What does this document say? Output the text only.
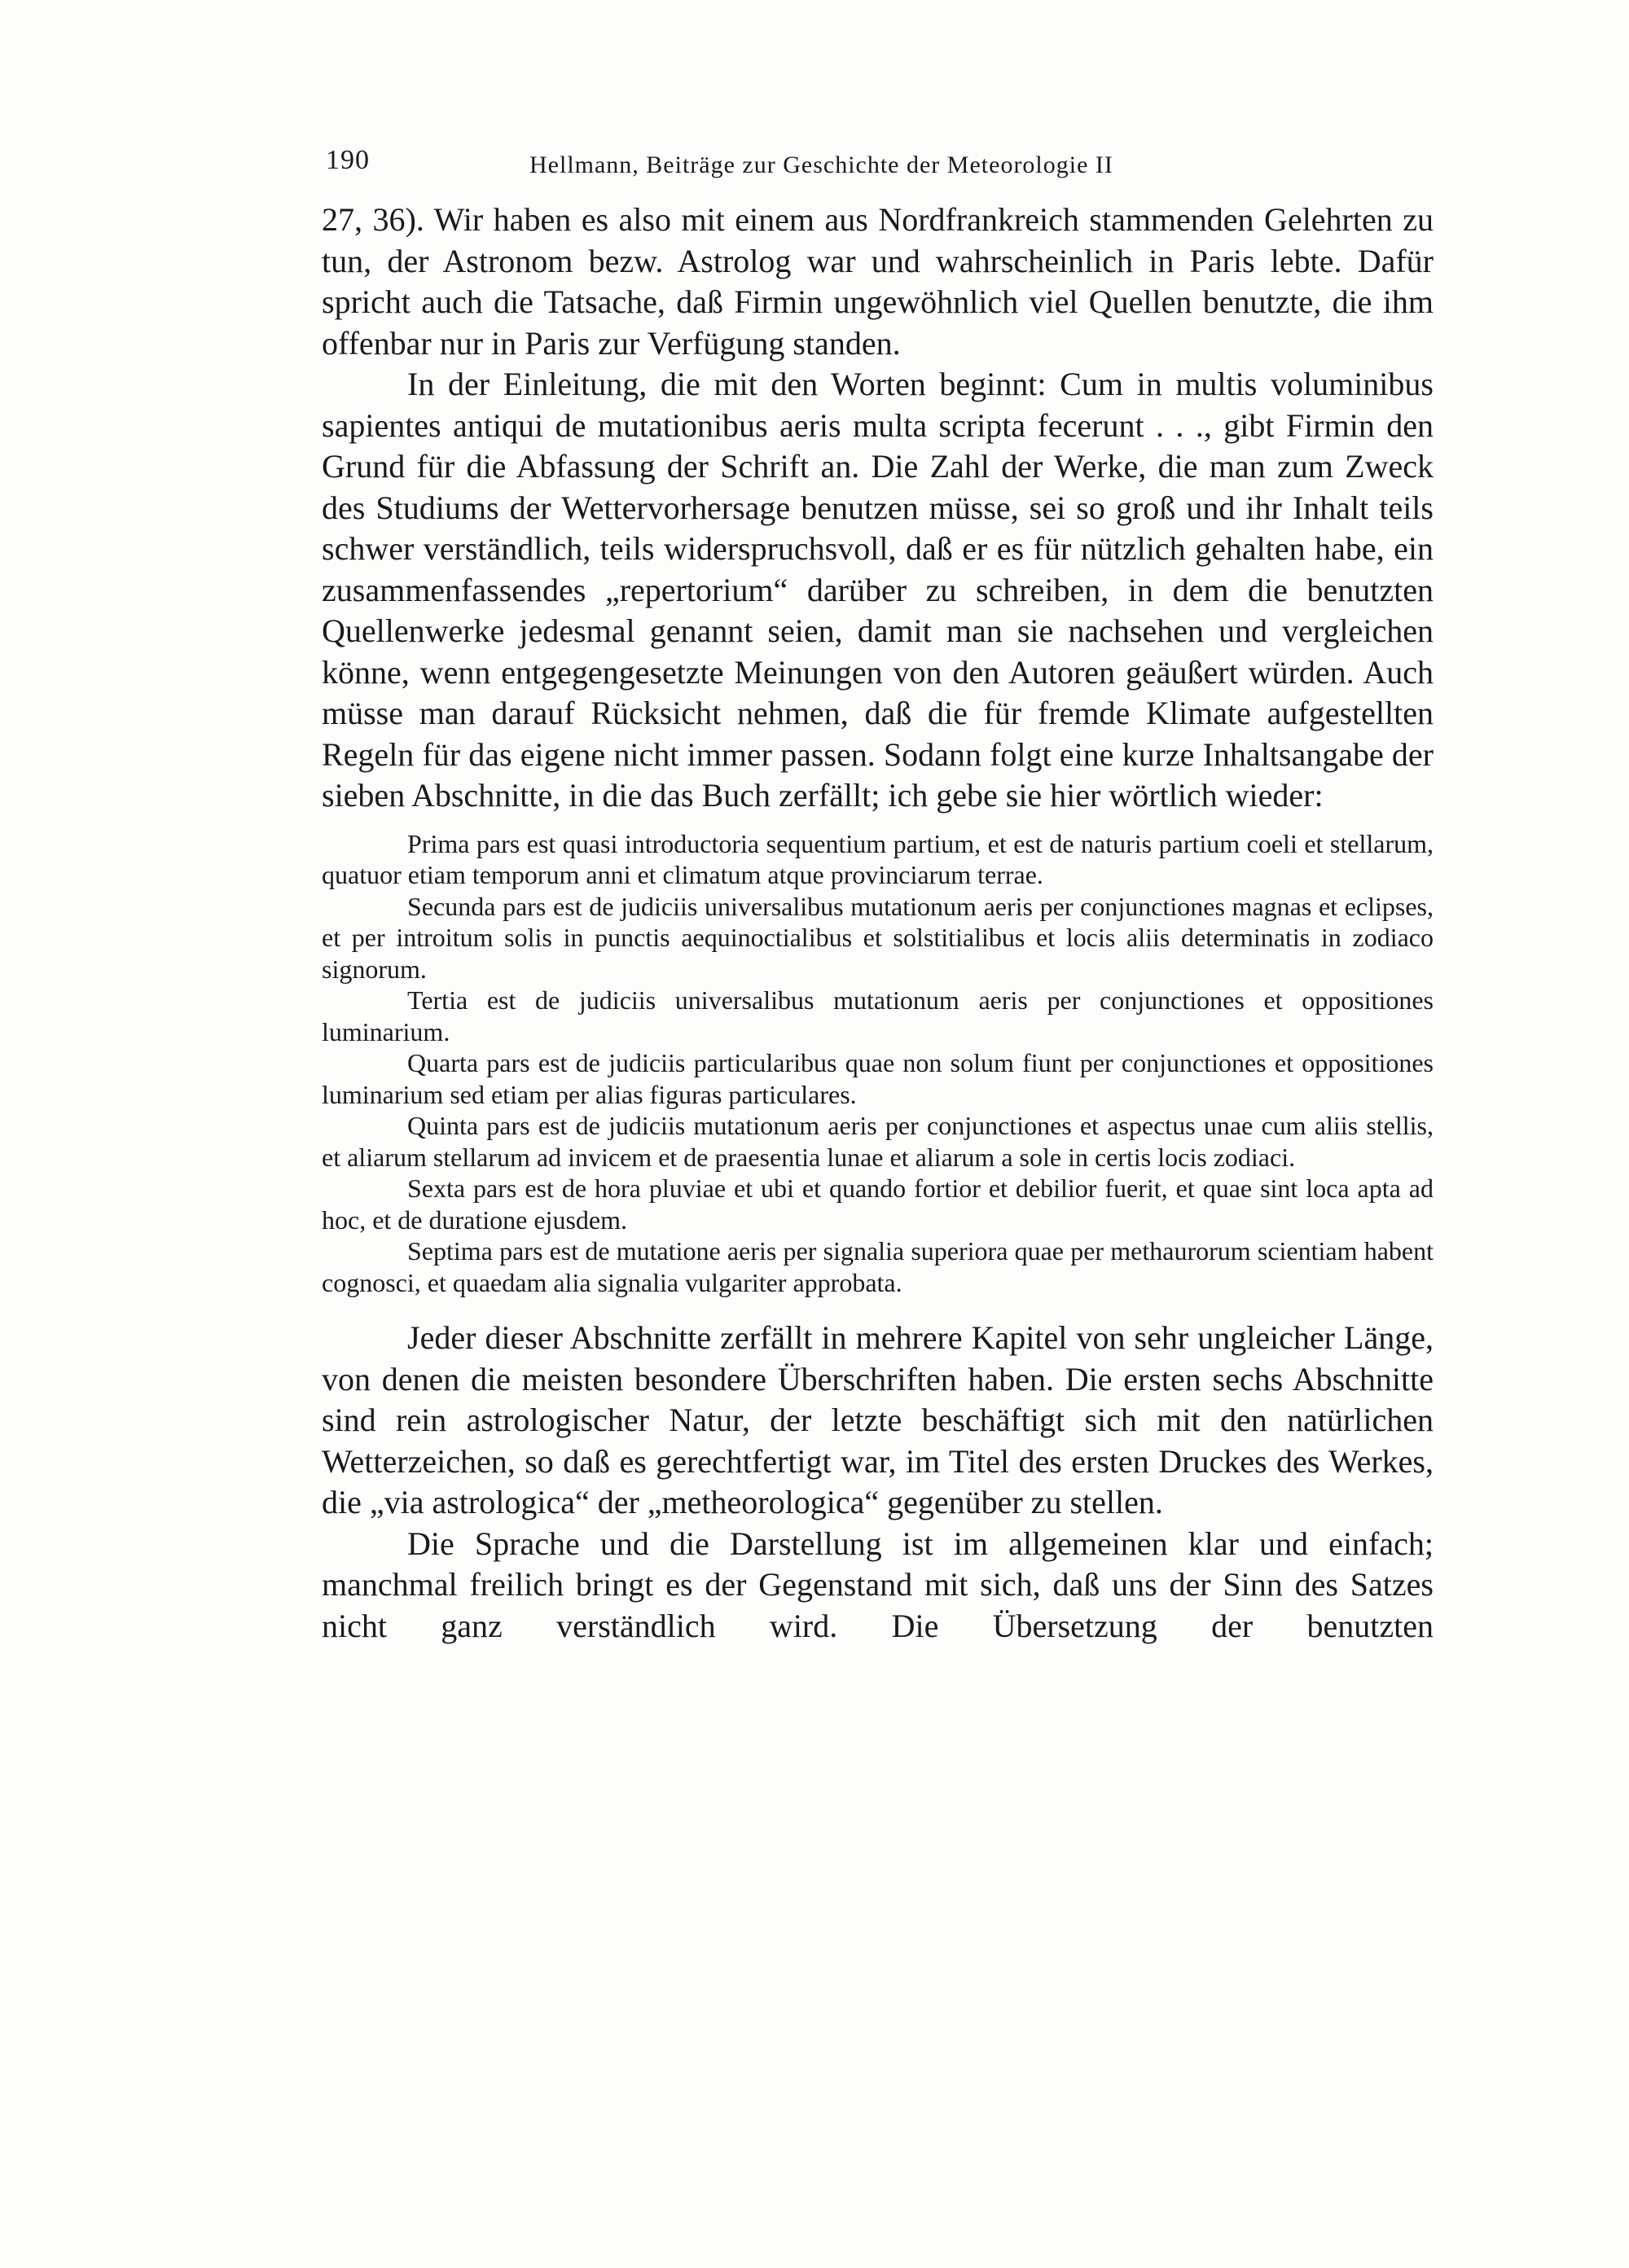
190	Hellmann, Beiträge zur Geschichte der Meteorologie II

27, 36). Wir haben es also mit einem aus Nordfrankreich stammenden Gelehrten zu tun, der Astronom bezw. Astrolog war und wahrscheinlich in Paris lebte. Dafür spricht auch die Tatsache, daß Firmin ungewöhnlich viel Quellen benutzte, die ihm offenbar nur in Paris zur Verfügung standen.

In der Einleitung, die mit den Worten beginnt: Cum in multis voluminibus sapientes antiqui de mutationibus aeris multa scripta fecerunt . . ., gibt Firmin den Grund für die Abfassung der Schrift an. Die Zahl der Werke, die man zum Zweck des Studiums der Wettervorhersage benutzen müsse, sei so groß und ihr Inhalt teils schwer verständlich, teils widerspruchsvoll, daß er es für nützlich gehalten habe, ein zusammenfassendes „repertorium“ darüber zu schreiben, in dem die benutzten Quellenwerke jedesmal genannt seien, damit man sie nachsehen und vergleichen könne, wenn entgegengesetzte Meinungen von den Autoren geäußert würden. Auch müsse man darauf Rücksicht nehmen, daß die für fremde Klimate aufgestellten Regeln für das eigene nicht immer passen. Sodann folgt eine kurze Inhaltsangabe der sieben Abschnitte, in die das Buch zerfällt; ich gebe sie hier wörtlich wieder:

Prima pars est quasi introductoria sequentium partium, et est de naturis partium coeli et stellarum, quatuor etiam temporum anni et climatum atque provinciarum terrae.

Secunda pars est de judiciis universalibus mutationum aeris per conjunctiones magnas et eclipses, et per introitum solis in punctis aequinoctialibus et solstitialibus et locis aliis determinatis in zodiaco signorum.

Tertia est de judiciis universalibus mutationum aeris per conjunctiones et oppositiones luminarium.

Quarta pars est de judiciis particularibus quae non solum fiunt per conjunctiones et oppositiones luminarium sed etiam per alias figuras particulares.

Quinta pars est de judiciis mutationum aeris per conjunctiones et aspectus unae cum aliis stellis, et aliarum stellarum ad invicem et de praesentia lunae et aliarum a sole in certis locis zodiaci.

Sexta pars est de hora pluviae et ubi et quando fortior et debilior fuerit, et quae sint loca apta ad hoc, et de duratione ejusdem.

Septima pars est de mutatione aeris per signalia superiora quae per methaurorum scientiam habent cognosci, et quaedam alia signalia vulgariter approbata.

Jeder dieser Abschnitte zerfällt in mehrere Kapitel von sehr ungleicher Länge, von denen die meisten besondere Überschriften haben. Die ersten sechs Abschnitte sind rein astrologischer Natur, der letzte beschäftigt sich mit den natürlichen Wetterzeichen, so daß es gerechtfertigt war, im Titel des ersten Druckes des Werkes, die „via astrologica“ der „metheorologica“ gegenüber zu stellen.

Die Sprache und die Darstellung ist im allgemeinen klar und einfach; manchmal freilich bringt es der Gegenstand mit sich, daß uns der Sinn des Satzes nicht ganz verständlich wird. Die Übersetzung der benutzten
